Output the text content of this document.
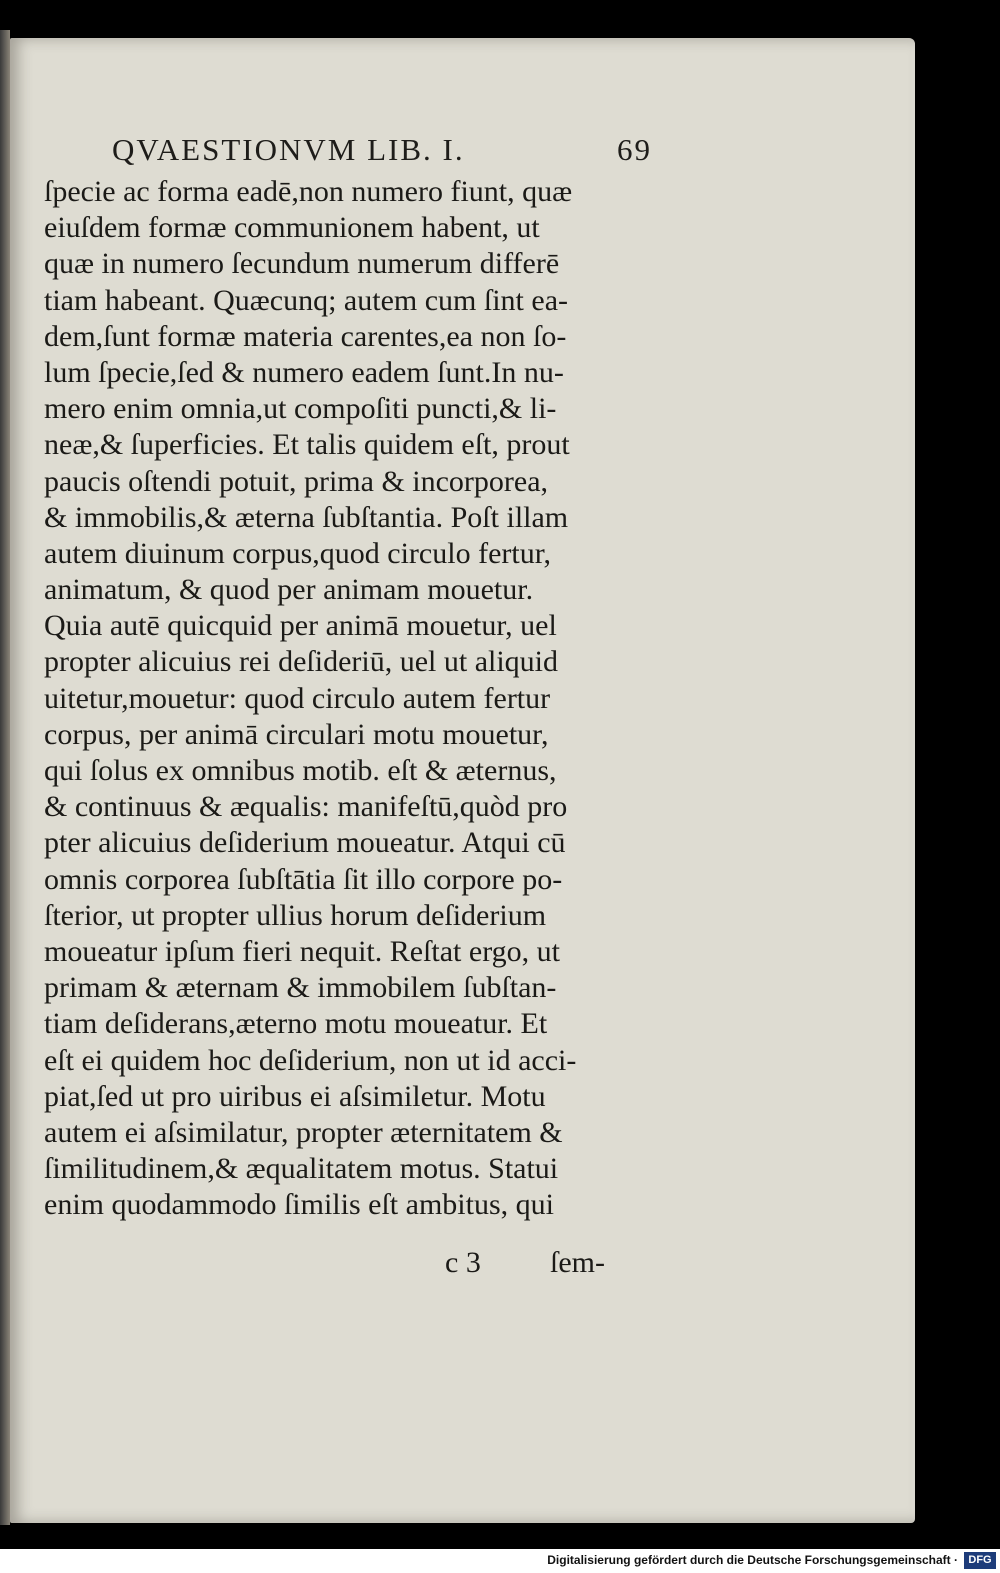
QVAESTIONVM LIB. I.	69
ſpecie ac forma eadē,non numero fiunt, quæ
eiuſdem formæ communionem habent, ut
quæ in numero ſecundum numerum differē
tiam habeant. Quæcunq; autem cum ſint ea-
dem,ſunt formæ materia carentes,ea non ſo-
lum ſpecie,ſed & numero eadem ſunt.In nu-
mero enim omnia,ut compoſiti puncti,& li-
neæ,& ſuperficies. Et talis quidem eſt, prout
paucis oſtendi potuit, prima & incorporea,
& immobilis,& æterna ſubſtantia. Poſt illam
autem diuinum corpus,quod circulo fertur,
animatum, & quod per animam mouetur.
Quia autē quicquid per animā mouetur, uel
propter alicuius rei deſideriū, uel ut aliquid
uitetur,mouetur: quod circulo autem fertur
corpus, per animā circulari motu mouetur,
qui ſolus ex omnibus motib. eſt & æternus,
& continuus & æqualis: manifeſtū,quòd pro
pter alicuius deſiderium moueatur. Atqui cū
omnis corporea ſubſtātia ſit illo corpore po-
ſterior, ut propter ullius horum deſiderium
moueatur ipſum fieri nequit. Reſtat ergo, ut
primam & æternam & immobilem ſubſtan-
tiam deſiderans,æterno motu moueatur. Et
eſt ei quidem hoc deſiderium, non ut id acci-
piat,ſed ut pro uiribus ei aſsimiletur. Motu
autem ei aſsimilatur, propter æternitatem &
ſimilitudinem,& æqualitatem motus. Statui
enim quodammodo ſimilis eſt ambitus, qui
c 3 ſem-
Digitalisierung gefördert durch die Deutsche Forschungsgemeinschaft · DFG
